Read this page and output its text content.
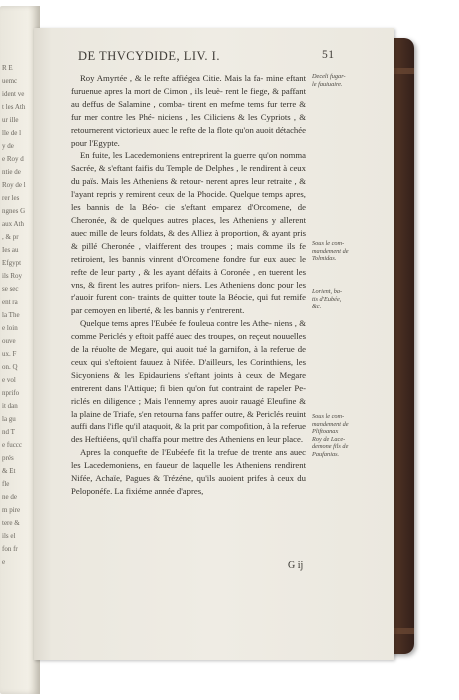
R E
uemc
ident ve
t les Ath
ur ille
lle de l
y de
e Roy d
ntie de
Roy de l
rer les
ngnes G
aux Ath
, & pr
Ies au
Efgypt
ils Roy
se sec
ent ra
la The
e loin
ouve
ux. F
on. Q
e vol
nprifo
it dan
la gu
nd T
e fuccc
prés
& Et
fle
ne de
m pire
tere &
ils el
fon fr
e
DE THVCYDIDE, LIV. I.	51

Roy Amyrtée , & le refte affiégea Citie. Mais la fa- mine eftant furuenue apres la mort de Cimon , ils leuè- rent le fiege, & paffant au deffus de Salamine , comba- tirent en mefme tems fur terre & fur mer contre les Phé- niciens , les Ciliciens & les Cypriots , & retournerent victorieux auec le refte de la flote qu'on auoit détachée pour l'Egypte.

En fuite, les Lacedemoniens entreprirent la guerre qu'on nomma Sacrée, & s'eftant faifis du Temple de Delphes , le rendirent à ceux du païs. Mais les Atheniens & retour- nerent apres leur retraite , & l'ayant repris y remirent ceux de la Phocide. Quelque temps apres, les bannis de la Béo- cie s'eftant emparez d'Orcomene, de Cheronée, & de quelques autres places, les Atheniens y allerent auec mille de leurs foldats, & des Alliez à proportion, & ayant pris & pillé Cheronée , vlaifferent des troupes ; mais comme ils fe retiroient, les bannis vinrent d'Orcomene fondre fur eux auec le refte de leur party , & les ayant défaits à Coronée , en tuerent les vns, & firent les autres prifon- niers. Les Atheniens donc pour les r'auoir furent con- traints de quitter toute la Béocie, qui fut remife par cemoyen en liberté, & les bannis y r'entrerent.

Quelque tems apres l'Eubée fe fouleua contre les Athe- niens , & comme Periclés y eftoit paffé auec des troupes, on reçeut nouuelles de la réuolte de Megare, qui auoit tué la garnifon, à la referue de ceux qui s'eftoient fauuez à Nifée. D'ailleurs, les Corinthiens, les Sicyoniens & les Epidauriens s'eftant joints à ceux de Megare entrerent dans l'Attique; fi bien qu'on fut contraint de rapeler Pe- riclés en diligence ; Mais l'ennemy apres auoir rauagé Eleufine & la plaine de Triafe, s'en retourna fans paffer outre, & Periclés reuint auffi dans l'ifle qu'il ataquoit, & la prit par compofition, à la referue des Heftiéens, qu'il chaffa pour mettre des Atheniens en leur place.

Apres la conquefte de l'Eubéefe fit la trefue de trente ans auec les Lacedemoniens, en faueur de laquelle les Atheniens rendirent Nifée, Achaïe, Pagues & Trézéne, qu'ils auoient prifes à ceux du Peloponéfe. La fixiéme année d'apres,

Deceli fugar-
le fauiuaire.
Sous le com-
mandement de
Tolmidas.
Lorient, ba-
tis d'Eubée,
&c.
Sous le com-
mandement de
Pliftoanax
Roy de Lace-
demone fils de
Paufanias.
G ij
